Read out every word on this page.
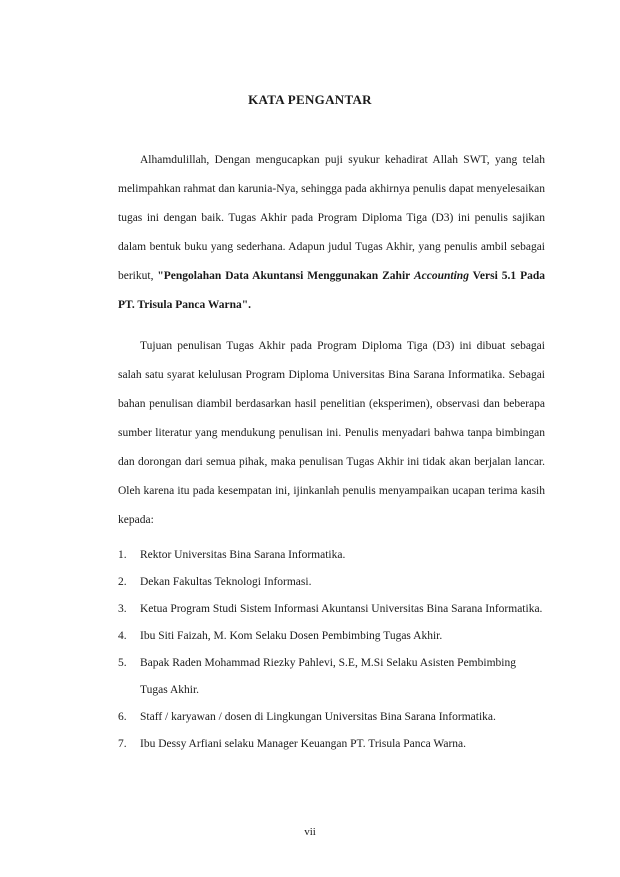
KATA PENGANTAR

Alhamdulillah, Dengan mengucapkan puji syukur kehadirat Allah SWT, yang telah melimpahkan rahmat dan karunia-Nya, sehingga pada akhirnya penulis dapat menyelesaikan tugas ini dengan baik. Tugas Akhir pada Program Diploma Tiga (D3) ini penulis sajikan dalam bentuk buku yang sederhana. Adapun judul Tugas Akhir, yang penulis ambil sebagai berikut, "Pengolahan Data Akuntansi Menggunakan Zahir Accounting Versi 5.1 Pada PT. Trisula Panca Warna".

Tujuan penulisan Tugas Akhir pada Program Diploma Tiga (D3) ini dibuat sebagai salah satu syarat kelulusan Program Diploma Universitas Bina Sarana Informatika. Sebagai bahan penulisan diambil berdasarkan hasil penelitian (eksperimen), observasi dan beberapa sumber literatur yang mendukung penulisan ini. Penulis menyadari bahwa tanpa bimbingan dan dorongan dari semua pihak, maka penulisan Tugas Akhir ini tidak akan berjalan lancar. Oleh karena itu pada kesempatan ini, ijinkanlah penulis menyampaikan ucapan terima kasih kepada:

1. Rektor Universitas Bina Sarana Informatika.
2. Dekan Fakultas Teknologi Informasi.
3. Ketua Program Studi Sistem Informasi Akuntansi Universitas Bina Sarana Informatika.
4. Ibu Siti Faizah, M. Kom Selaku Dosen Pembimbing Tugas Akhir.
5. Bapak Raden Mohammad Riezky Pahlevi, S.E, M.Si Selaku Asisten Pembimbing Tugas Akhir.
6. Staff / karyawan / dosen di Lingkungan Universitas Bina Sarana Informatika.
7. Ibu Dessy Arfiani selaku Manager Keuangan PT. Trisula Panca Warna.
vii
